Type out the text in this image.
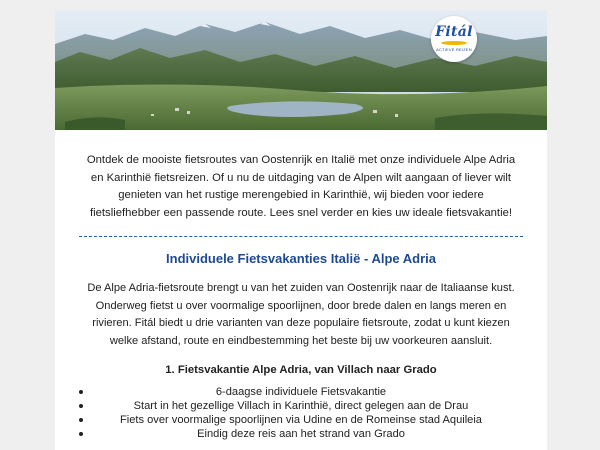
Fitál
ACTIEVE REIZEN

Ontdek de mooiste fietsroutes van Oostenrijk en Italië met onze individuele Alpe Adria en Karinthië fietsreizen. Of u nu de uitdaging van de Alpen wilt aangaan of liever wilt genieten van het rustige merengebied in Karinthië, wij bieden voor iedere fietsliefhebber een passende route. Lees snel verder en kies uw ideale fietsvakantie!

Individuele Fietsvakanties Italië - Alpe Adria

De Alpe Adria-fietsroute brengt u van het zuiden van Oostenrijk naar de Italiaanse kust. Onderweg fietst u over voormalige spoorlijnen, door brede dalen en langs meren en rivieren. Fitál biedt u drie varianten van deze populaire fietsroute, zodat u kunt kiezen welke afstand, route en eindbestemming het beste bij uw voorkeuren aansluit.

1. Fietsvakantie Alpe Adria, van Villach naar Grado
6-daagse individuele Fietsvakantie
Start in het gezellige Villach in Karinthië, direct gelegen aan de Drau
Fiets over voormalige spoorlijnen via Udine en de Romeinse stad Aquileia
Eindig deze reis aan het strand van Grado
